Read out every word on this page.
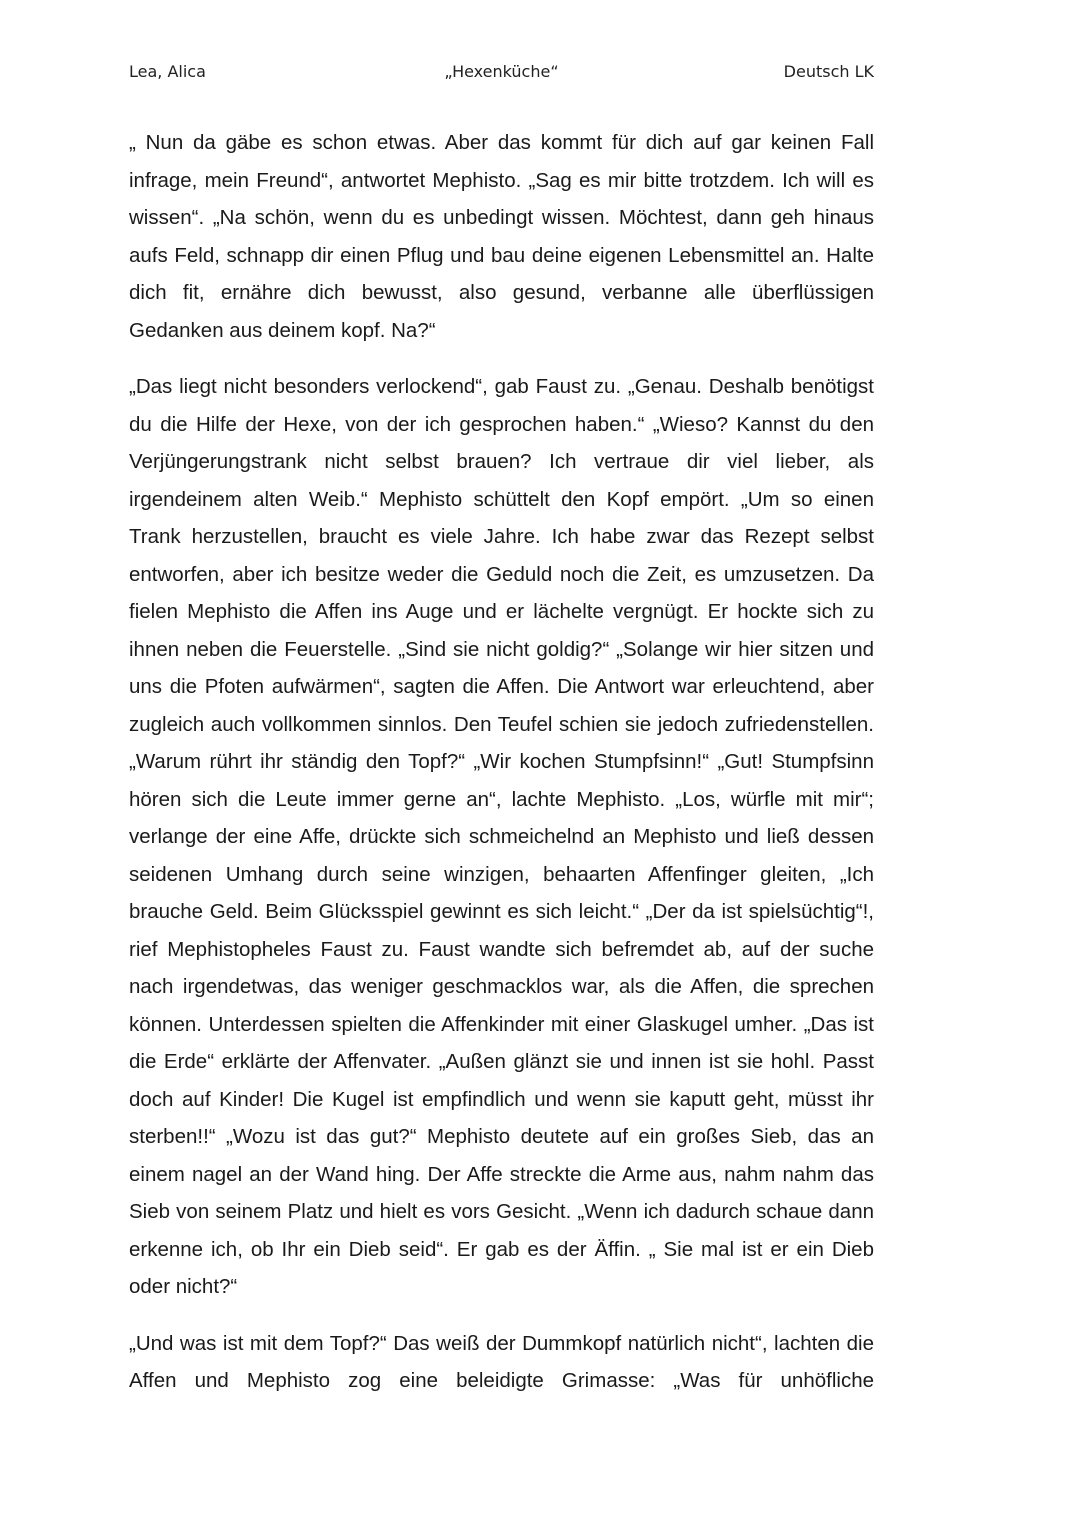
Lea, Alica	„Hexenküche“	Deutsch LK

„ Nun da gäbe es schon etwas. Aber das kommt für dich auf gar keinen Fall infrage, mein Freund“, antwortet Mephisto. „Sag es mir bitte trotzdem. Ich will es wissen“. „Na schön, wenn du es unbedingt wissen. Möchtest, dann geh hinaus aufs Feld, schnapp dir einen Pflug und bau deine eigenen Lebensmittel an. Halte dich fit, ernähre dich bewusst, also gesund, verbanne alle überflüssigen Gedanken aus deinem kopf. Na?“

„Das liegt nicht besonders verlockend“, gab Faust zu. „Genau. Deshalb benötigst du die Hilfe der Hexe, von der ich gesprochen haben.“ „Wieso? Kannst du den Verjüngerungstrank nicht selbst brauen? Ich vertraue dir viel lieber, als irgendeinem alten Weib.“ Mephisto schüttelt den Kopf empört. „Um so einen Trank herzustellen, braucht es viele Jahre. Ich habe zwar das Rezept selbst entworfen, aber ich besitze weder die Geduld noch die Zeit, es umzusetzen. Da fielen Mephisto die Affen ins Auge und er lächelte vergnügt. Er hockte sich zu ihnen neben die Feuerstelle. „Sind sie nicht goldig?“ „Solange wir hier sitzen und uns die Pfoten aufwärmen“, sagten die Affen. Die Antwort war erleuchtend, aber zugleich auch vollkommen sinnlos. Den Teufel schien sie jedoch zufriedenstellen. „Warum rührt ihr ständig den Topf?“ „Wir kochen Stumpfsinn!“ „Gut! Stumpfsinn hören sich die Leute immer gerne an“, lachte Mephisto. „Los, würfle mit mir“; verlange der eine Affe, drückte sich schmeichelnd an Mephisto und ließ dessen seidenen Umhang durch seine winzigen, behaarten Affenfinger gleiten, „Ich brauche Geld. Beim Glücksspiel gewinnt es sich leicht.“ „Der da ist spielsüchtig“!, rief Mephistopheles Faust zu. Faust wandte sich befremdet ab, auf der suche nach irgendetwas, das weniger geschmacklos war, als die Affen, die sprechen können. Unterdessen spielten die Affenkinder mit einer Glaskugel umher. „Das ist die Erde“ erklärte der Affenvater. „Außen glänzt sie und innen ist sie hohl. Passt doch auf Kinder! Die Kugel ist empfindlich und wenn sie kaputt geht, müsst ihr sterben!!“ „Wozu ist das gut?“ Mephisto deutete auf ein großes Sieb, das an einem nagel an der Wand hing. Der Affe streckte die Arme aus, nahm nahm das Sieb von seinem Platz und hielt es vors Gesicht. „Wenn ich dadurch schaue dann erkenne ich, ob Ihr ein Dieb seid“. Er gab es der Äffin. „ Sie mal ist er ein Dieb oder nicht?“

„Und was ist mit dem Topf?“ Das weiß der Dummkopf natürlich nicht“, lachten die Affen und Mephisto zog eine beleidigte Grimasse: „Was für unhöfliche
